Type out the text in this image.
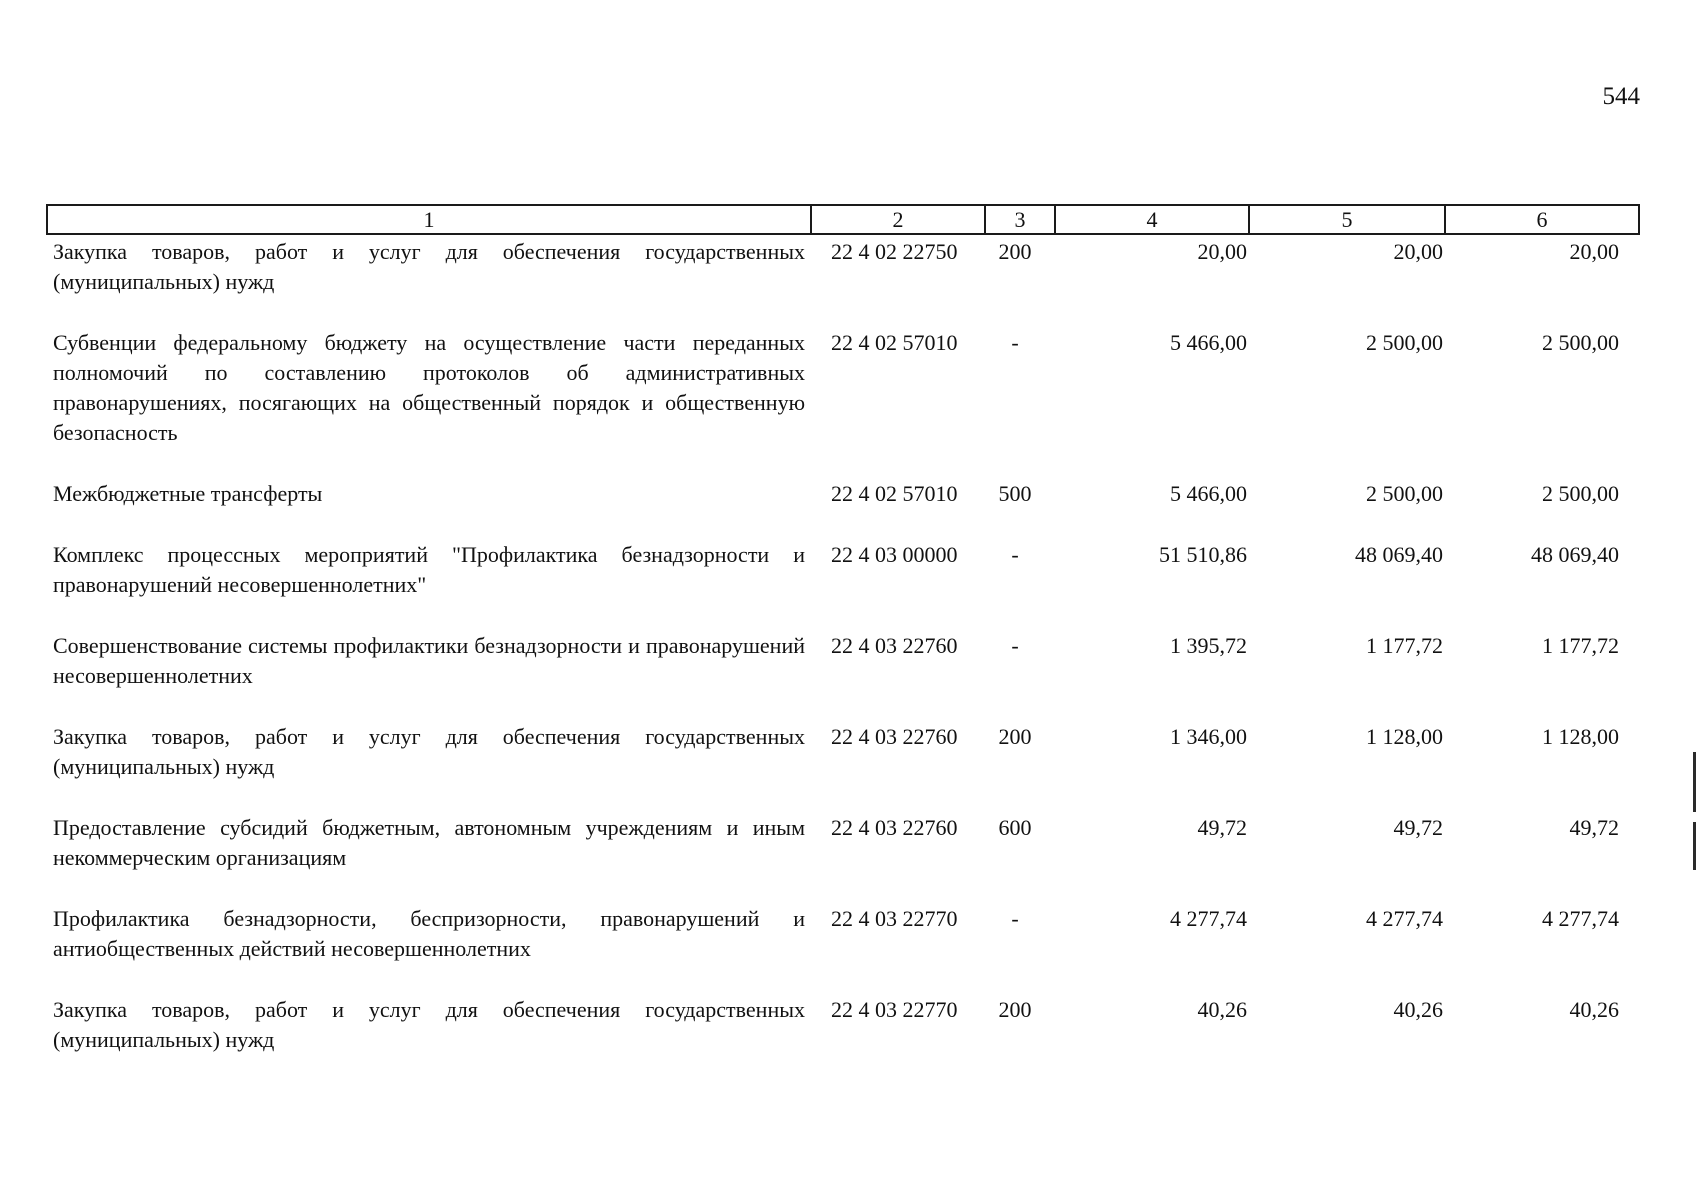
544
1	2	3	4	5	6
Закупка товаров, работ и услуг для обеспечения государственных (муниципальных) нужд	22 4 02 22750	200	20,00	20,00	20,00
Субвенции федеральному бюджету на осуществление части переданных полномочий по составлению протоколов об административных правонарушениях, посягающих на общественный порядок и общественную безопасность	22 4 02 57010	-	5 466,00	2 500,00	2 500,00
Межбюджетные трансферты	22 4 02 57010	500	5 466,00	2 500,00	2 500,00
Комплекс процессных мероприятий "Профилактика безнадзорности и правонарушений несовершеннолетних"	22 4 03 00000	-	51 510,86	48 069,40	48 069,40
Совершенствование системы профилактики безнадзорности и правонарушений несовершеннолетних	22 4 03 22760	-	1 395,72	1 177,72	1 177,72
Закупка товаров, работ и услуг для обеспечения государственных (муниципальных) нужд	22 4 03 22760	200	1 346,00	1 128,00	1 128,00
Предоставление субсидий бюджетным, автономным учреждениям и иным некоммерческим организациям	22 4 03 22760	600	49,72	49,72	49,72
Профилактика безнадзорности, беспризорности, правонарушений и антиобщественных действий несовершеннолетних	22 4 03 22770	-	4 277,74	4 277,74	4 277,74
Закупка товаров, работ и услуг для обеспечения государственных (муниципальных) нужд	22 4 03 22770	200	40,26	40,26	40,26
